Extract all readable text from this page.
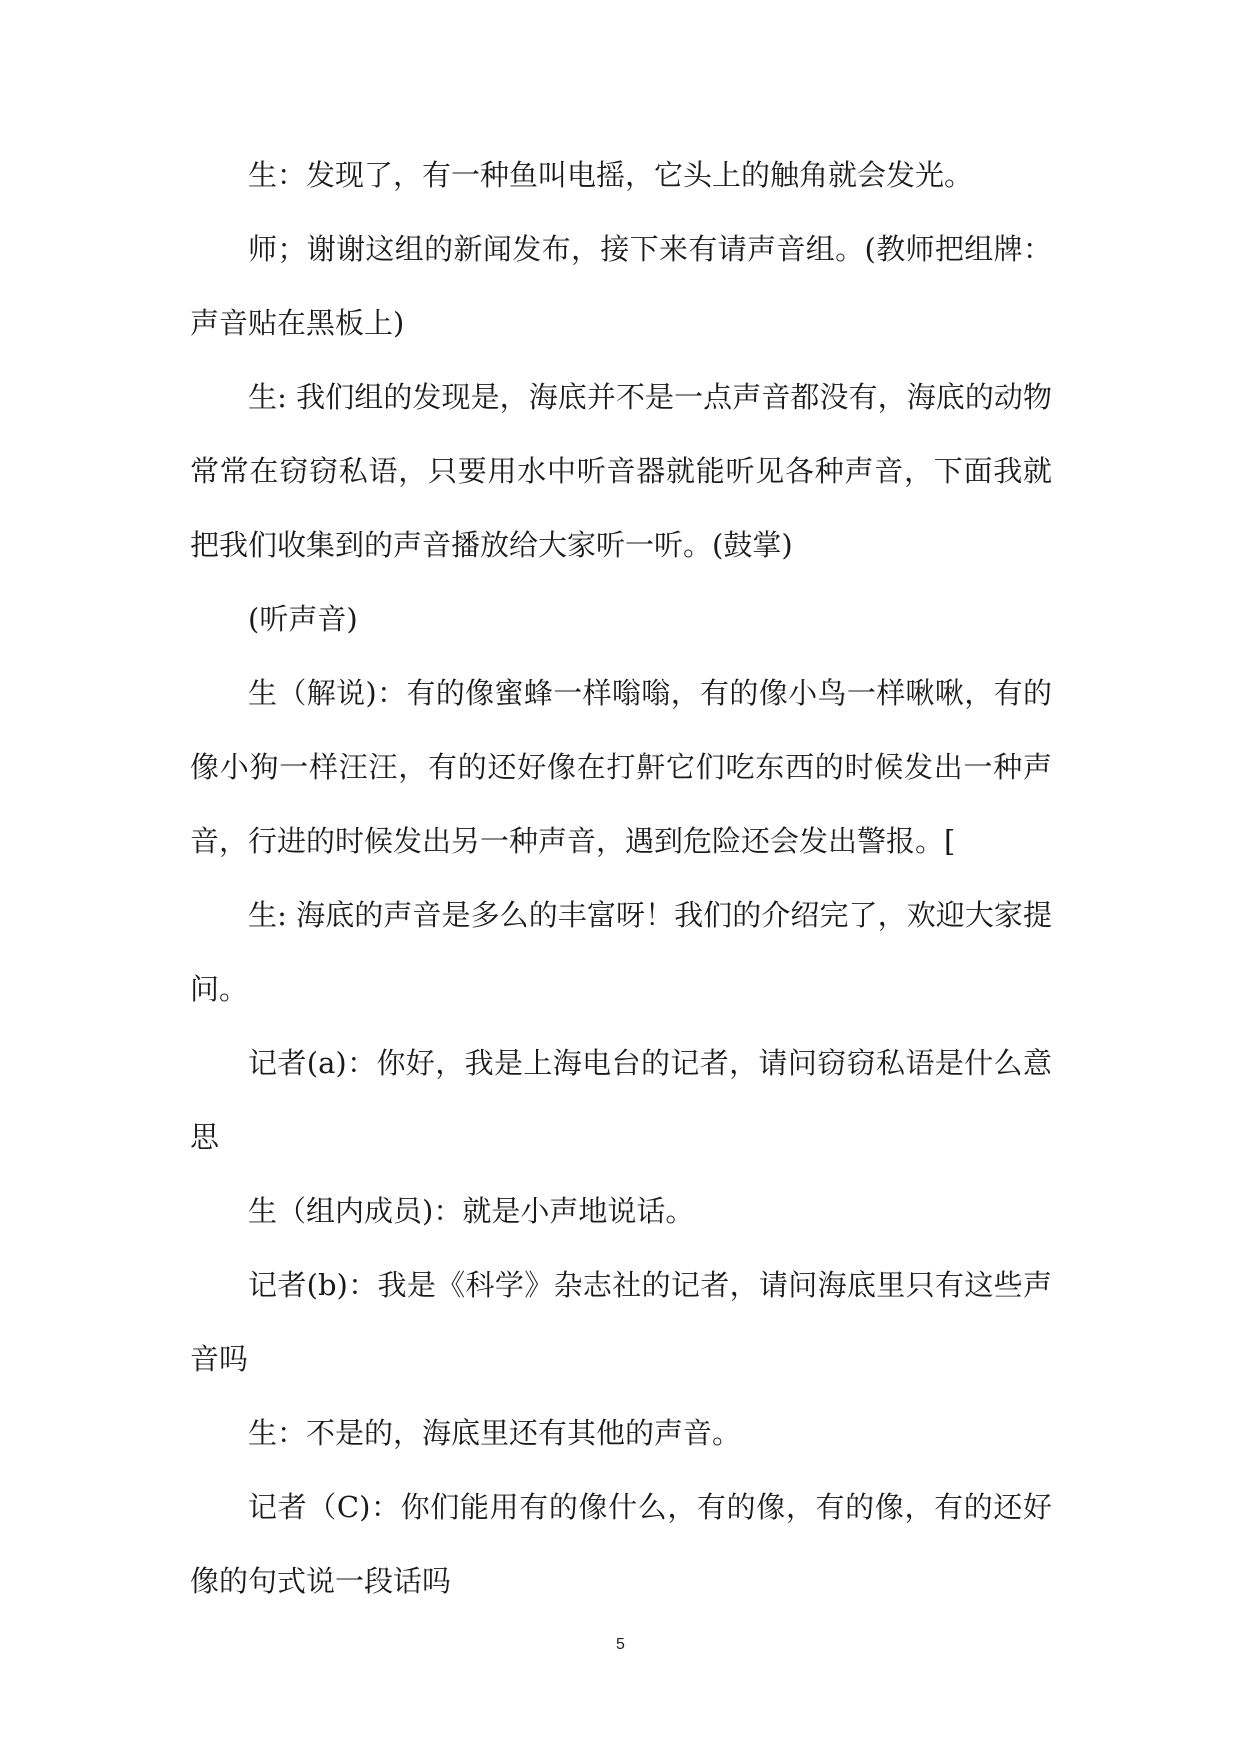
生：发现了，有一种鱼叫电摇，它头上的触角就会发光。

师；谢谢这组的新闻发布，接下来有请声音组。(教师把组牌：声音贴在黑板上)

生: 我们组的发现是，海底并不是一点声音都没有，海底的动物常常在窃窃私语，只要用水中听音器就能听见各种声音，下面我就把我们收集到的声音播放给大家听一听。(鼓掌)

(听声音)

生（解说)：有的像蜜蜂一样嗡嗡，有的像小鸟一样啾啾，有的像小狗一样汪汪，有的还好像在打鼾它们吃东西的时候发出一种声音，行进的时候发出另一种声音，遇到危险还会发出警报。[

生: 海底的声音是多么的丰富呀！我们的介绍完了，欢迎大家提问。

记者(a)：你好，我是上海电台的记者，请问窃窃私语是什么意思

生（组内成员)：就是小声地说话。

记者(b)：我是《科学》杂志社的记者，请问海底里只有这些声音吗

生：不是的，海底里还有其他的声音。

记者（C)：你们能用有的像什么，有的像，有的像，有的还好像的句式说一段话吗

5
